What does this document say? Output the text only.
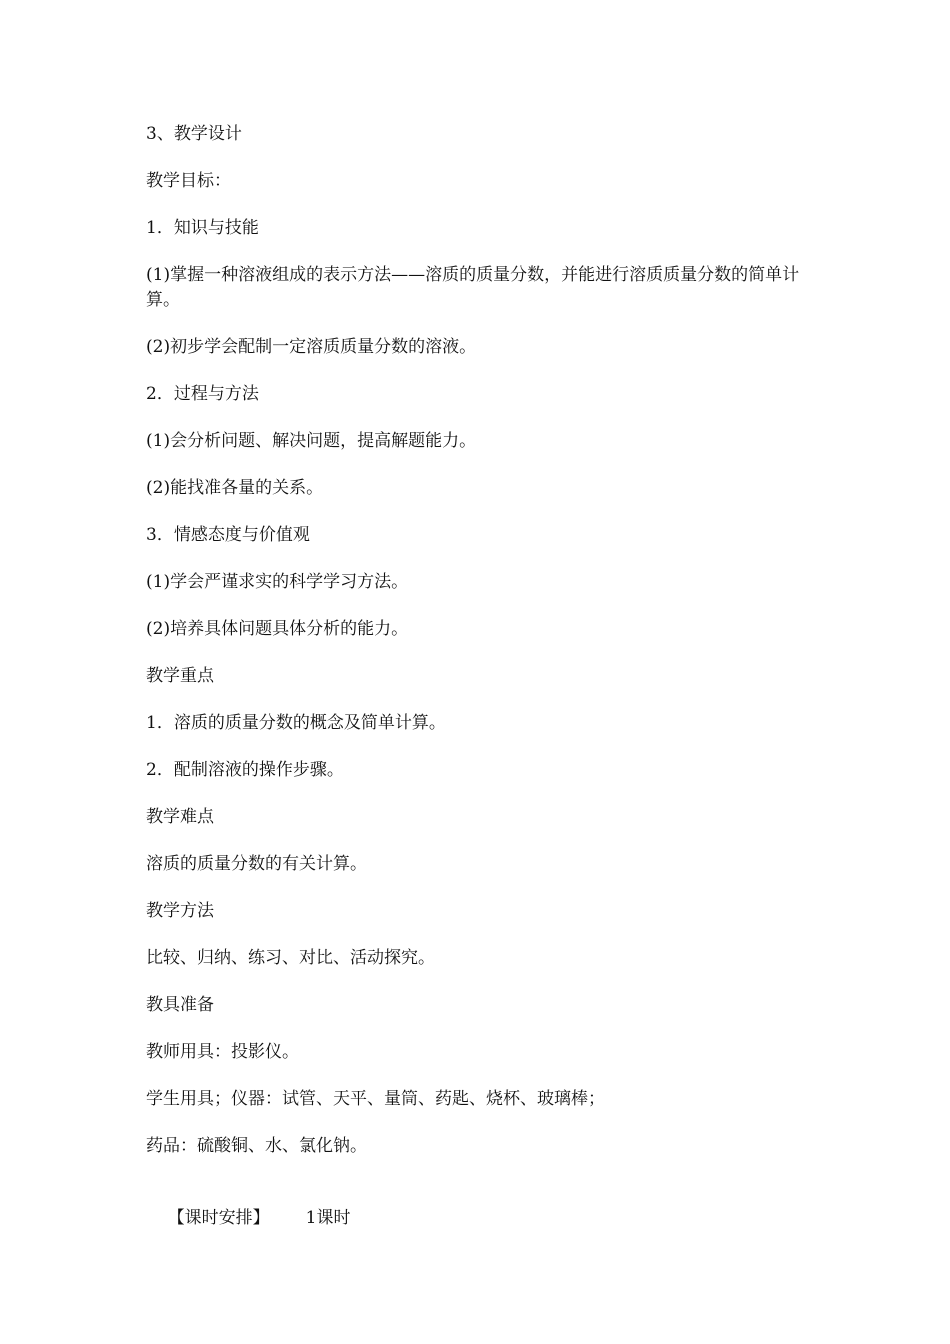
3、教学设计

教学目标：

1．知识与技能

(1)掌握一种溶液组成的表示方法——溶质的质量分数，并能进行溶质质量分数的简单计算。

(2)初步学会配制一定溶质质量分数的溶液。

2．过程与方法

(1)会分析问题、解决问题，提高解题能力。

(2)能找准各量的关系。

3．情感态度与价值观

(1)学会严谨求实的科学学习方法。

(2)培养具体问题具体分析的能力。

教学重点

1．溶质的质量分数的概念及简单计算。

2．配制溶液的操作步骤。

教学难点

溶质的质量分数的有关计算。

教学方法

比较、归纳、练习、对比、活动探究。

教具准备

教师用具：投影仪。

学生用具；仪器：试管、天平、量筒、药匙、烧杯、玻璃棒；

药品：硫酸铜、水、氯化钠。

【课时安排】 1课时
